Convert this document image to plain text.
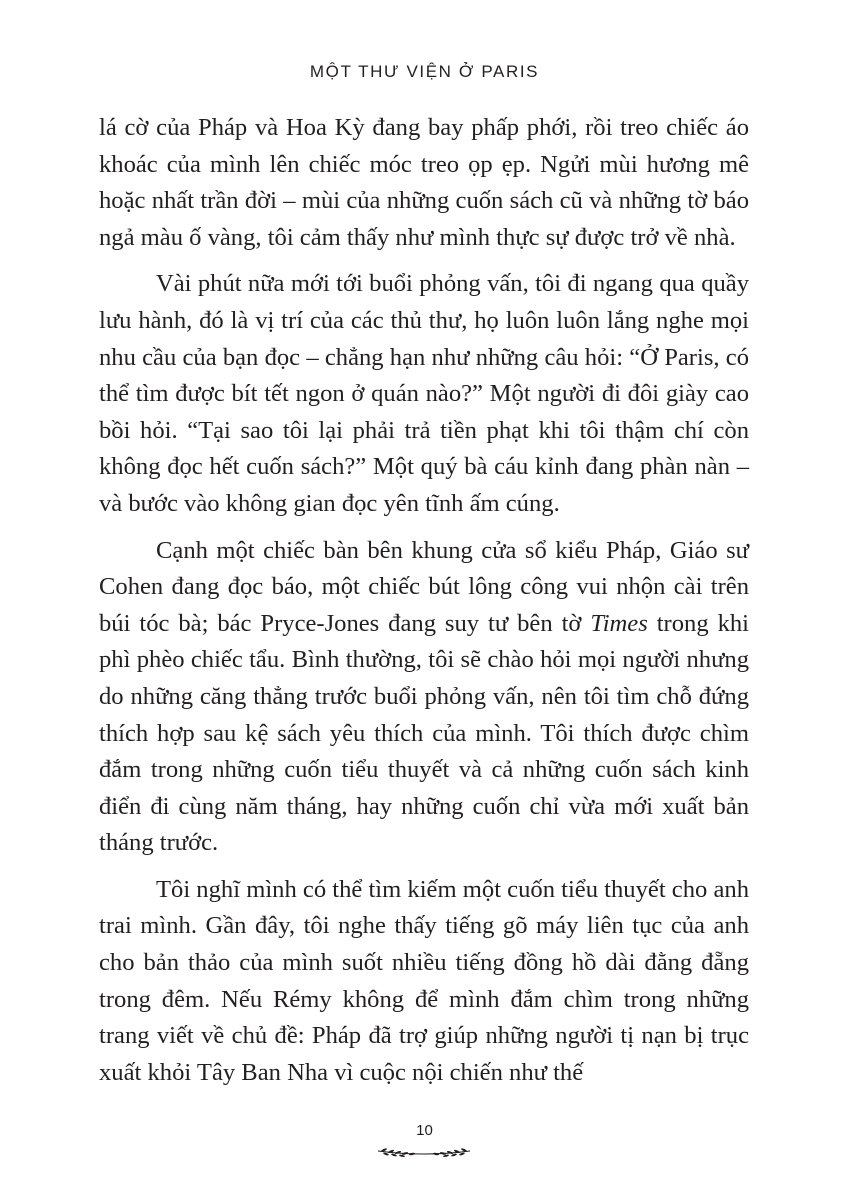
MỘT THƯ VIỆN Ở PARIS

lá cờ của Pháp và Hoa Kỳ đang bay phấp phới, rồi treo chiếc áo khoác của mình lên chiếc móc treo ọp ẹp. Ngửi mùi hương mê hoặc nhất trần đời – mùi của những cuốn sách cũ và những tờ báo ngả màu ố vàng, tôi cảm thấy như mình thực sự được trở về nhà.

Vài phút nữa mới tới buổi phỏng vấn, tôi đi ngang qua quầy lưu hành, đó là vị trí của các thủ thư, họ luôn luôn lắng nghe mọi nhu cầu của bạn đọc – chẳng hạn như những câu hỏi: “Ở Paris, có thể tìm được bít tết ngon ở quán nào?” Một người đi đôi giày cao bồi hỏi. “Tại sao tôi lại phải trả tiền phạt khi tôi thậm chí còn không đọc hết cuốn sách?” Một quý bà cáu kỉnh đang phàn nàn – và bước vào không gian đọc yên tĩnh ấm cúng.

Cạnh một chiếc bàn bên khung cửa sổ kiểu Pháp, Giáo sư Cohen đang đọc báo, một chiếc bút lông công vui nhộn cài trên búi tóc bà; bác Pryce-Jones đang suy tư bên tờ Times trong khi phì phèo chiếc tẩu. Bình thường, tôi sẽ chào hỏi mọi người nhưng do những căng thẳng trước buổi phỏng vấn, nên tôi tìm chỗ đứng thích hợp sau kệ sách yêu thích của mình. Tôi thích được chìm đắm trong những cuốn tiểu thuyết và cả những cuốn sách kinh điển đi cùng năm tháng, hay những cuốn chỉ vừa mới xuất bản tháng trước.

Tôi nghĩ mình có thể tìm kiếm một cuốn tiểu thuyết cho anh trai mình. Gần đây, tôi nghe thấy tiếng gõ máy liên tục của anh cho bản thảo của mình suốt nhiều tiếng đồng hồ dài đằng đẵng trong đêm. Nếu Rémy không để mình đắm chìm trong những trang viết về chủ đề: Pháp đã trợ giúp những người tị nạn bị trục xuất khỏi Tây Ban Nha vì cuộc nội chiến như thế

10
